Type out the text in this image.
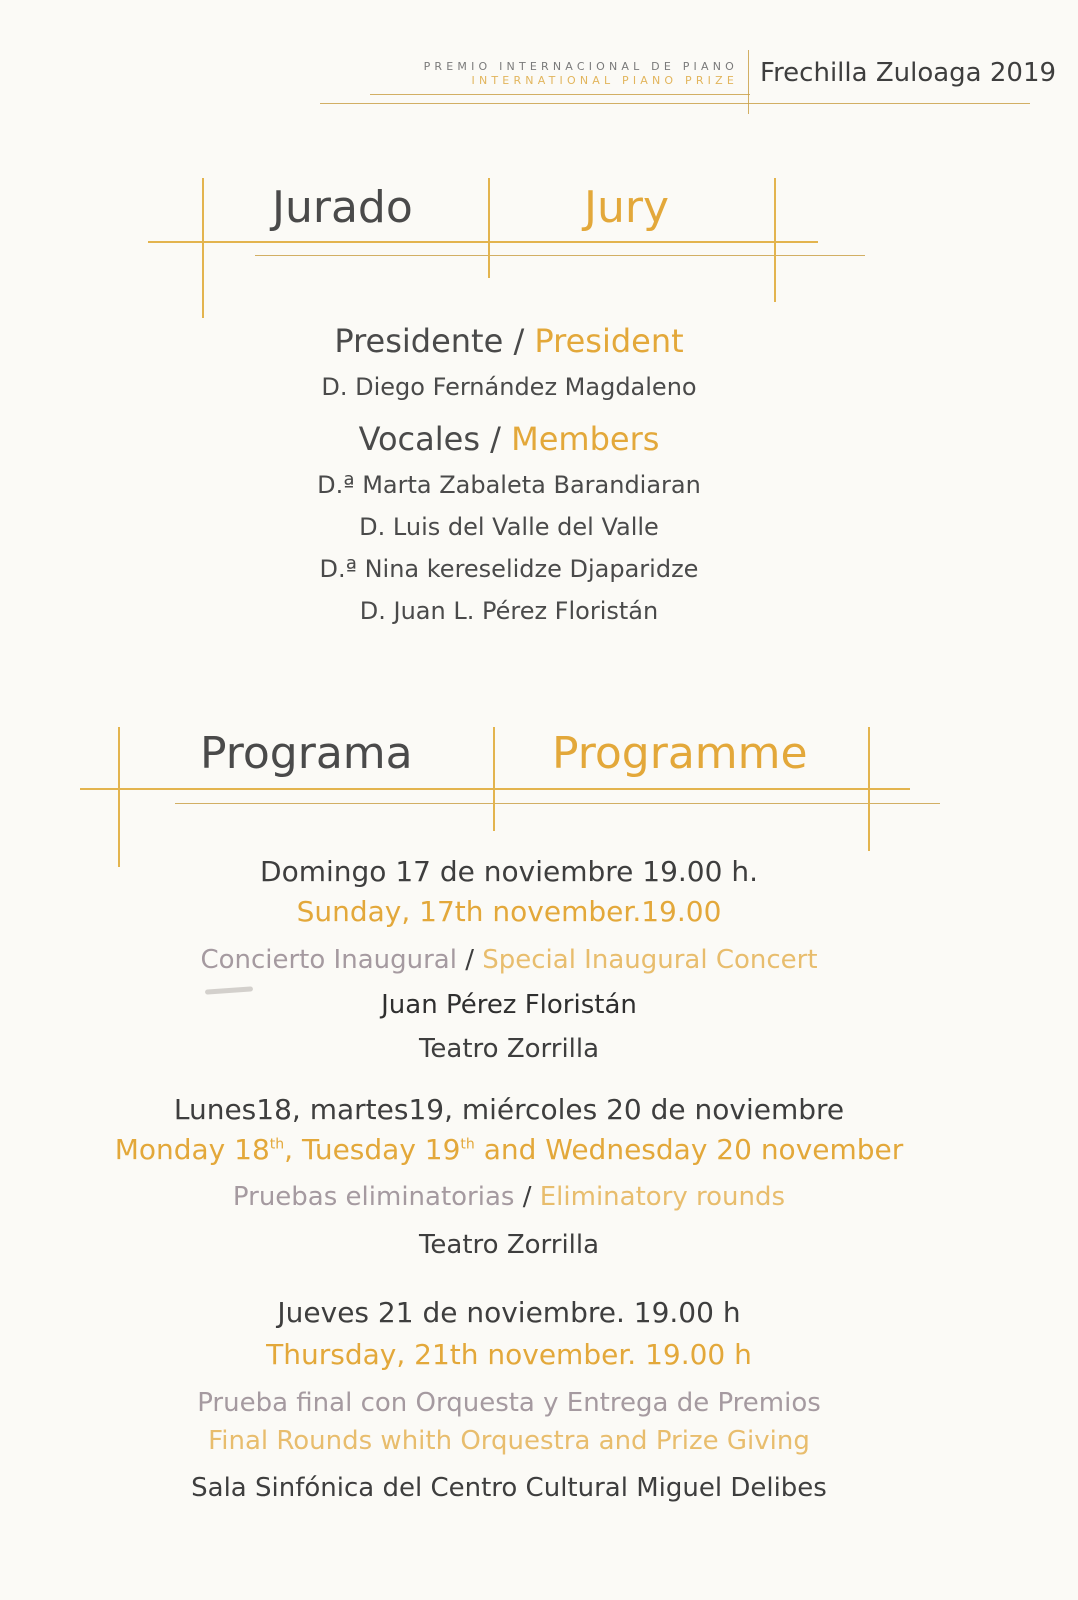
PREMIO INTERNACIONAL DE PIANO
INTERNATIONAL PIANO PRIZE Frechilla Zuloaga 2019
Jurado	Jury
Presidente / President
D. Diego Fernández Magdaleno
Vocales / Members
D.ª Marta Zabaleta Barandiaran
D. Luis del Valle del Valle
D.ª Nina kereselidze Djaparidze
D. Juan L. Pérez Floristán
Programa	Programme
Domingo 17 de noviembre 19.00 h.
Sunday, 17th november.19.00
Concierto Inaugural / Special Inaugural Concert
Juan Pérez Floristán
Teatro Zorrilla
Lunes18, martes19, miércoles 20 de noviembre
Monday 18th, Tuesday 19th and Wednesday 20 november
Pruebas eliminatorias / Eliminatory rounds
Teatro Zorrilla
Jueves 21 de noviembre. 19.00 h
Thursday, 21th november. 19.00 h
Prueba final con Orquesta y Entrega de Premios
Final Rounds whith Orquestra and Prize Giving
Sala Sinfónica del Centro Cultural Miguel Delibes
